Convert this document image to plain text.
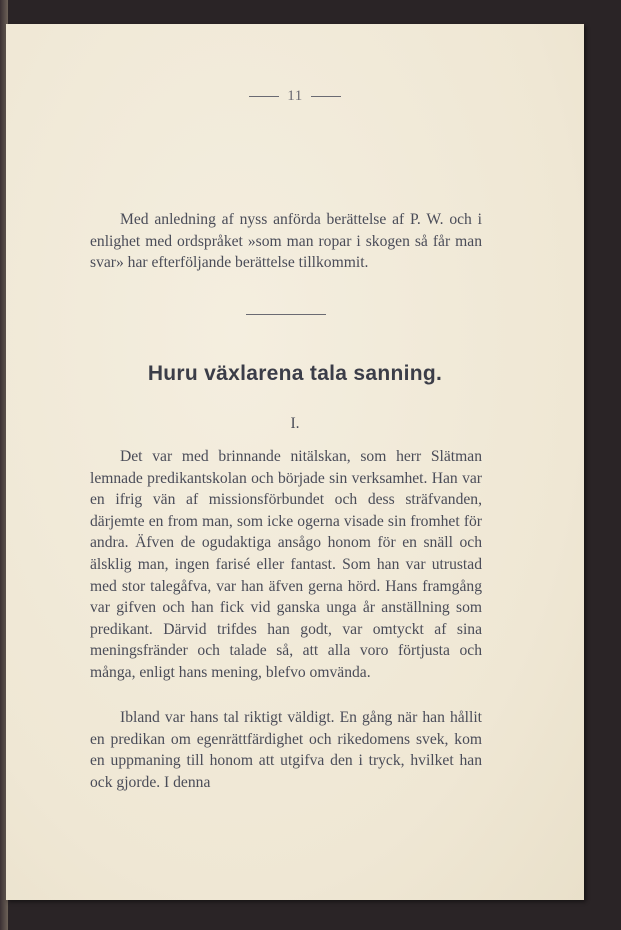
11
Med anledning af nyss anförda berättelse af P. W. och i enlighet med ordspråket »som man ropar i skogen så får man svar» har efterföljande berättelse tillkommit.
Huru växlarena tala sanning.
I.
Det var med brinnande nitälskan, som herr Slätman lemnade predikantskolan och började sin verksamhet. Han var en ifrig vän af missionsförbundet och dess sträfvanden, därjemte en from man, som icke ogerna visade sin fromhet för andra. Äfven de ogudaktiga ansågo honom för en snäll och älsklig man, ingen farisé eller fantast. Som han var utrustad med stor talegåfva, var han äfven gerna hörd. Hans framgång var gifven och han fick vid ganska unga år anställning som predikant. Därvid trifdes han godt, var omtyckt af sina meningsfränder och talade så, att alla voro förtjusta och många, enligt hans mening, blefvo omvända.
Ibland var hans tal riktigt väldigt. En gång när han hållit en predikan om egenrättfärdighet och rikedomens svek, kom en uppmaning till honom att utgifva den i tryck, hvilket han ock gjorde. I denna
